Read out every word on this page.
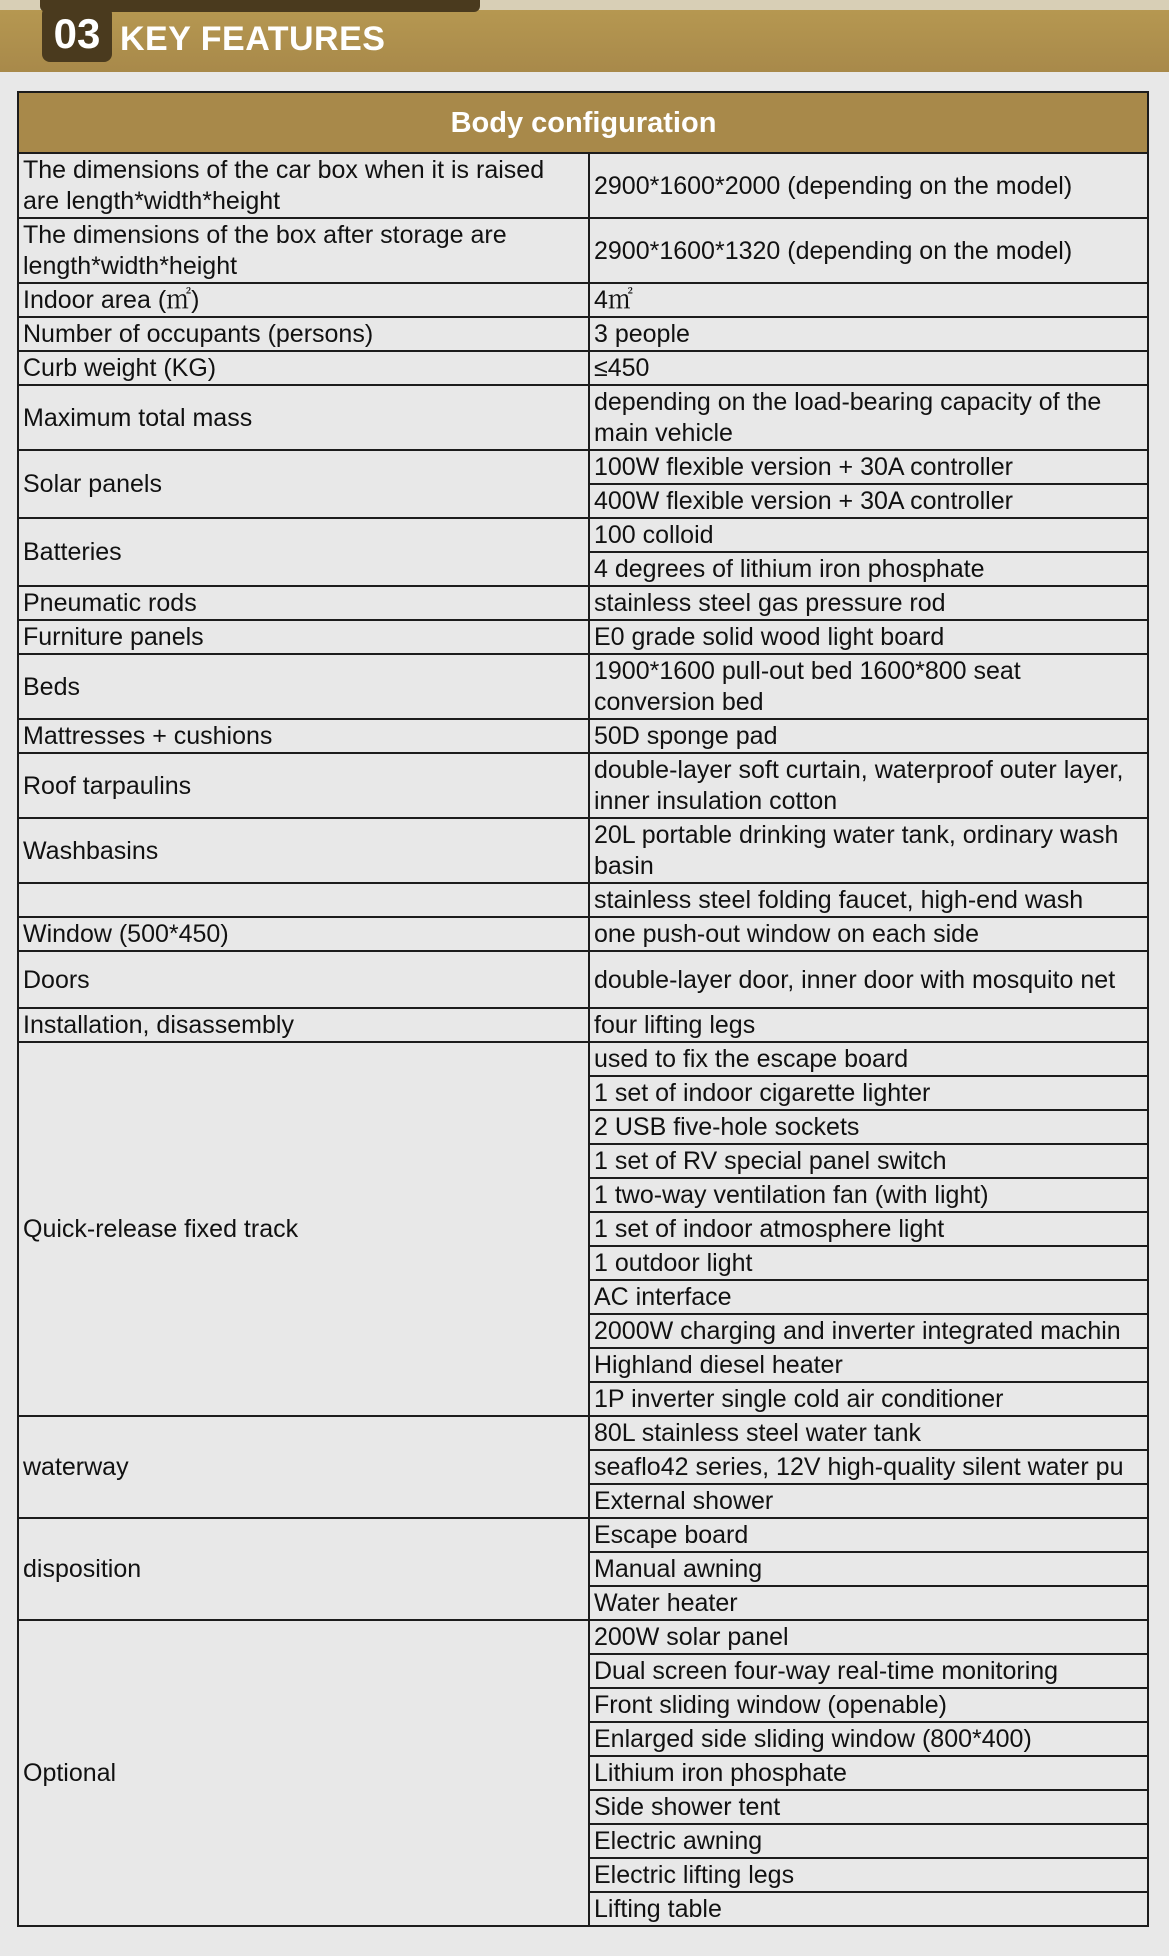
03 KEY FEATURES
Body configuration	
The dimensions of the car box when it is raised are length*width*height	2900*1600*2000 (depending on the model)
The dimensions of the box after storage are length*width*height	2900*1600*1320 (depending on the model)
Indoor area (㎡)	4㎡
Number of occupants (persons)	3 people
Curb weight (KG)	≤450
Maximum total mass	depending on the load-bearing capacity of the main vehicle
Solar panels	100W flexible version + 30A controller
	400W flexible version + 30A controller
Batteries	100 colloid
	4 degrees of lithium iron phosphate
Pneumatic rods	stainless steel gas pressure rod
Furniture panels	E0 grade solid wood light board
Beds	1900*1600 pull-out bed 1600*800 seat conversion bed
Mattresses + cushions	50D sponge pad
Roof tarpaulins	double-layer soft curtain, waterproof outer layer, inner insulation cotton
Washbasins	20L portable drinking water tank, ordinary wash basin
	stainless steel folding faucet, high-end wash
Window (500*450)	one push-out window on each side
Doors	double-layer door, inner door with mosquito net
Installation, disassembly	four lifting legs
Quick-release fixed track	used to fix the escape board
	1 set of indoor cigarette lighter
	2 USB five-hole sockets
	1 set of RV special panel switch
	1 two-way ventilation fan (with light)
	1 set of indoor atmosphere light
	1 outdoor light
	AC interface
	2000W charging and inverter integrated machin
	Highland diesel heater
	1P inverter single cold air conditioner
waterway	80L stainless steel water tank
	seaflo42 series, 12V high-quality silent water pu
	External shower
disposition	Escape board
	Manual awning
	Water heater
Optional	200W solar panel
	Dual screen four-way real-time monitoring
	Front sliding window (openable)
	Enlarged side sliding window (800*400)
	Lithium iron phosphate
	Side shower tent
	Electric awning
	Electric lifting legs
	Lifting table
